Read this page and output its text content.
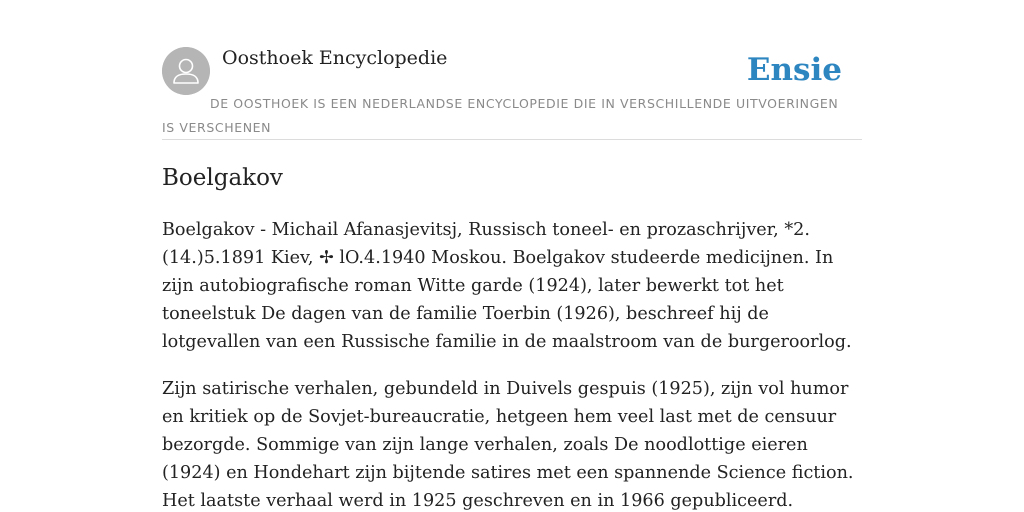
Oosthoek Encyclopedie	Ensie
DE OOSTHOEK IS EEN NEDERLANDSE ENCYCLOPEDIE DIE IN VERSCHILLENDE UITVOERINGEN IS VERSCHENEN
Boelgakov

Boelgakov - Michail Afanasjevitsj, Russisch toneel- en prozaschrijver, *2.(14.)5.1891 Kiev, ✢ lO.4.1940 Moskou. Boelgakov studeerde medicijnen. In zijn autobiografische roman Witte garde (1924), later bewerkt tot het toneelstuk De dagen van de familie Toerbin (1926), beschreef hij de lotgevallen van een Russische familie in de maalstroom van de burgeroorlog.

Zijn satirische verhalen, gebundeld in Duivels gespuis (1925), zijn vol humor en kritiek op de Sovjet-bureaucratie, hetgeen hem veel last met de censuur bezorgde. Sommige van zijn lange verhalen, zoals De noodlottige eieren (1924) en Hondehart zijn bijtende satires met een spannende Science fiction. Het laatste verhaal werd in 1925 geschreven en in 1966 gepubliceerd.
